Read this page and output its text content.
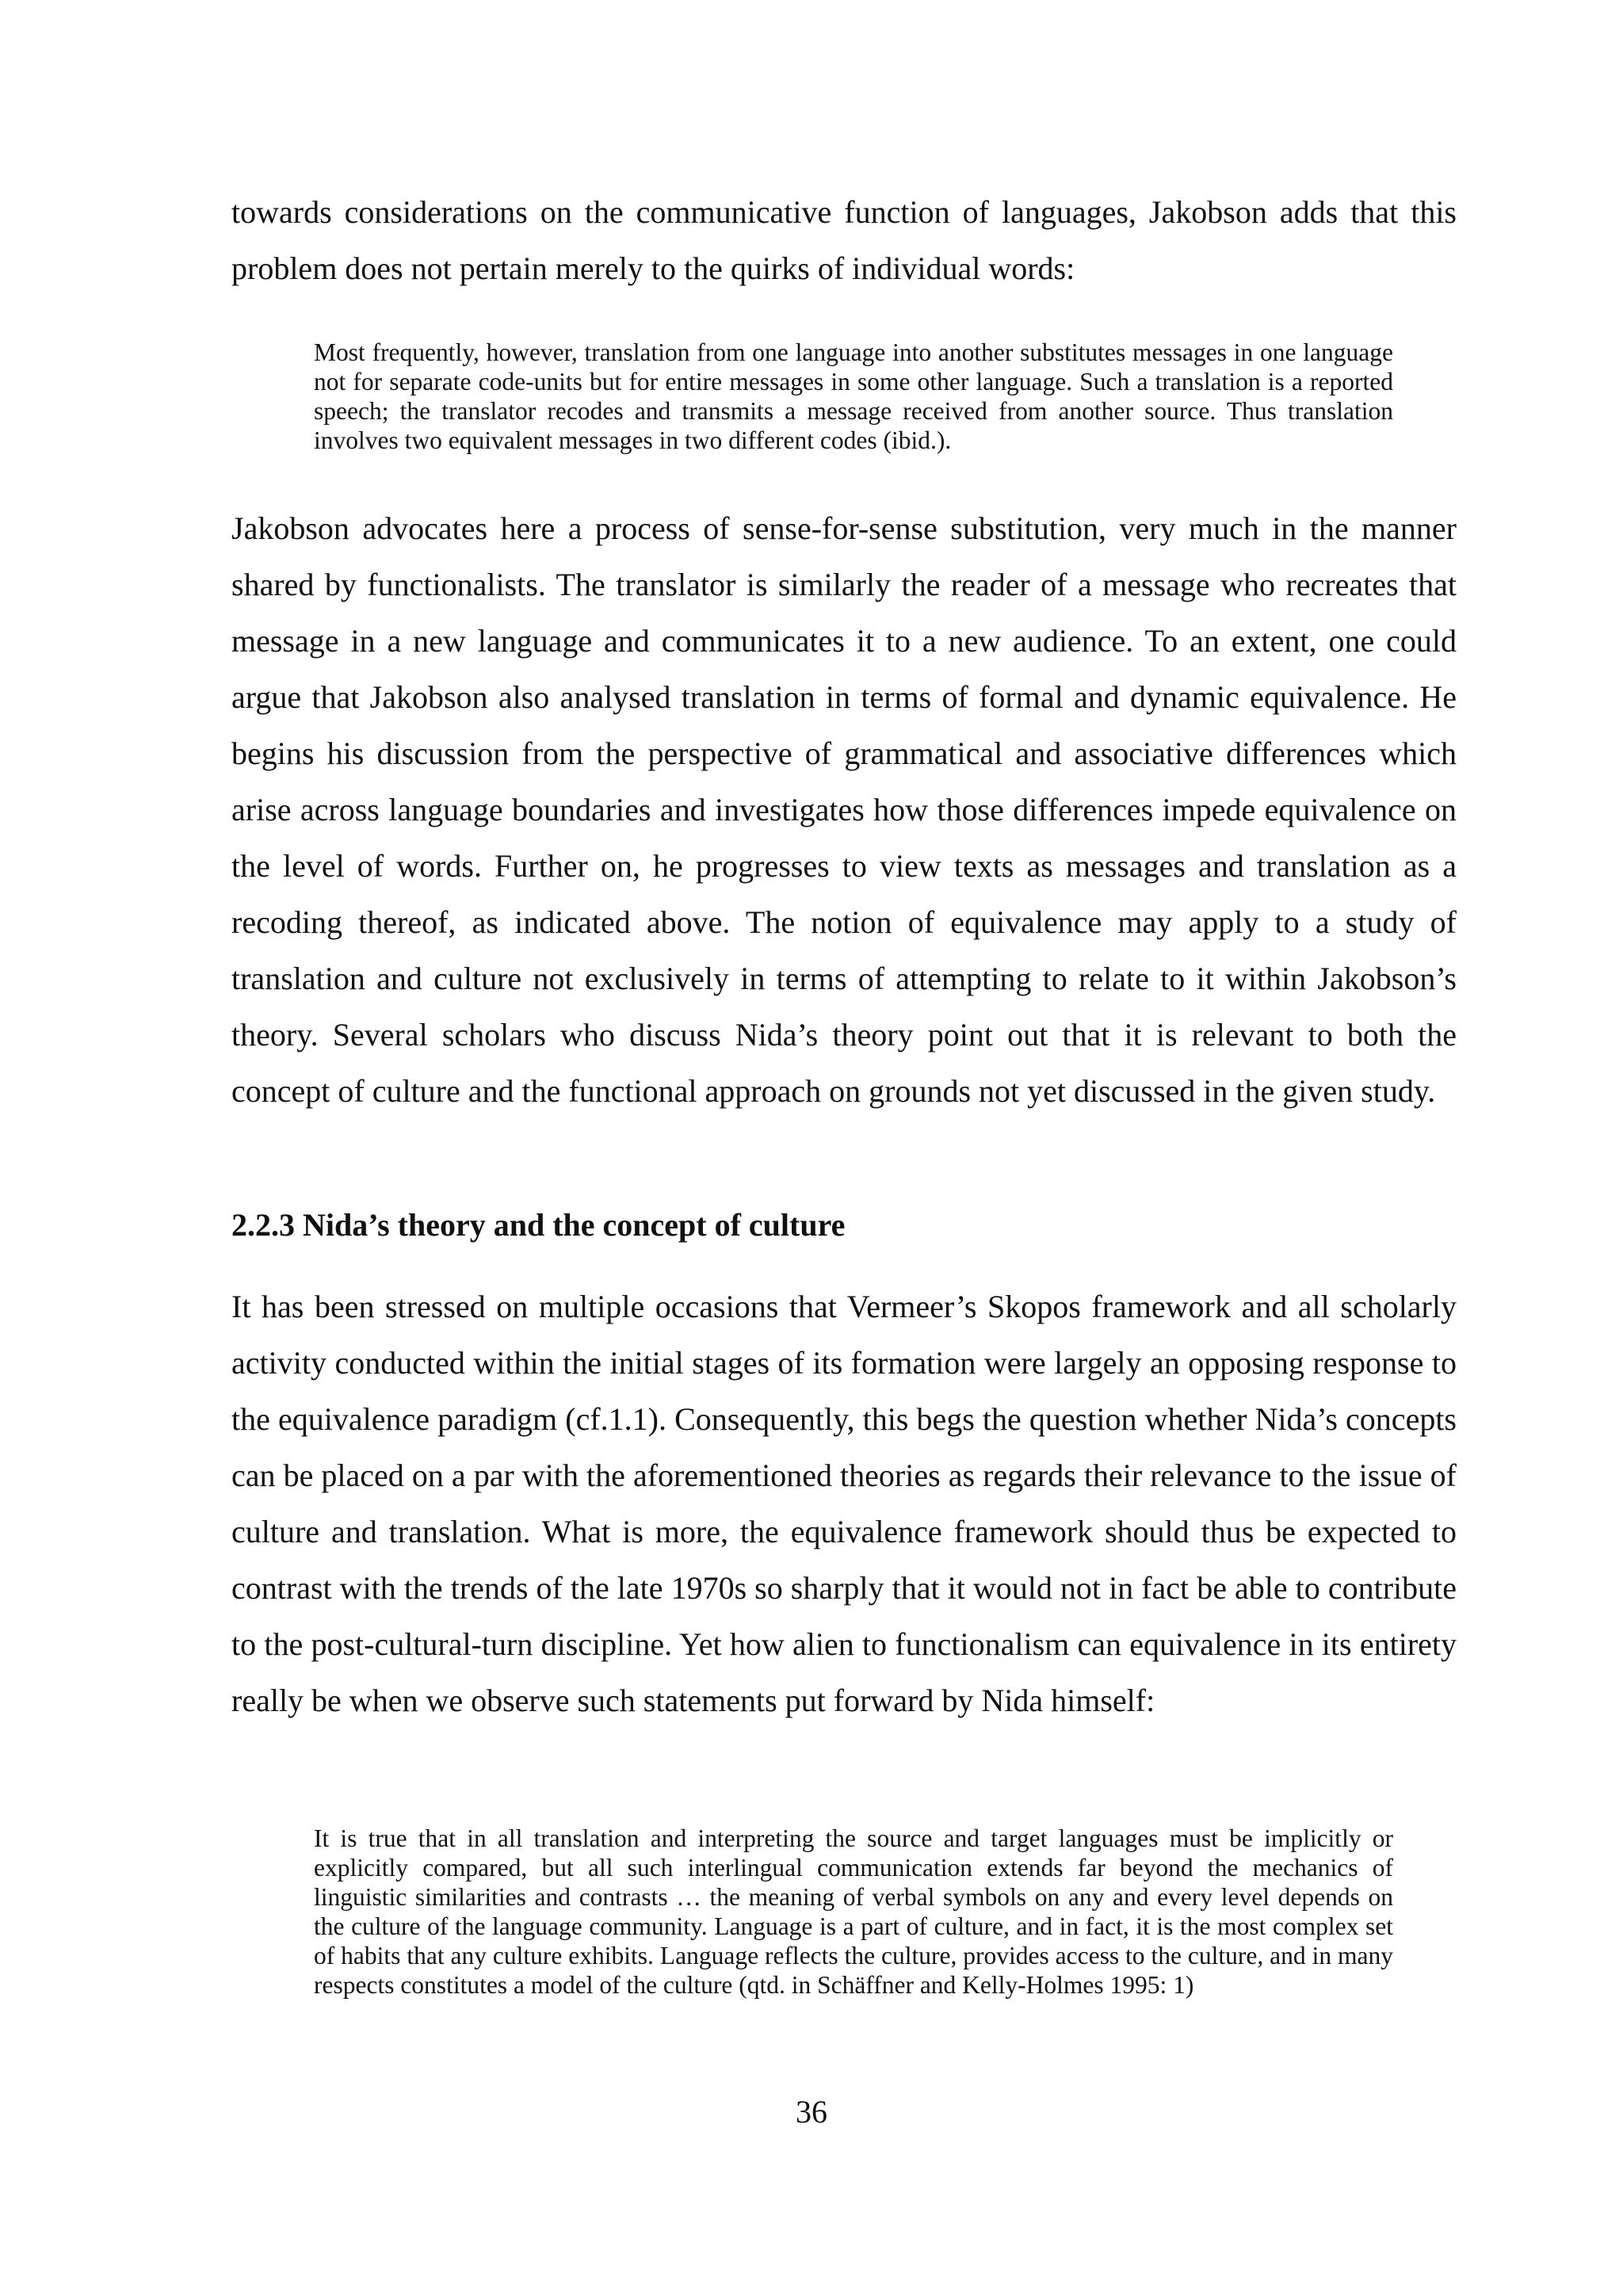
towards considerations on the communicative function of languages, Jakobson adds that this problem does not pertain merely to the quirks of individual words:

Most frequently, however, translation from one language into another substitutes messages in one language not for separate code-units but for entire messages in some other language. Such a translation is a reported speech; the translator recodes and transmits a message received from another source. Thus translation involves two equivalent messages in two different codes (ibid.).

Jakobson advocates here a process of sense-for-sense substitution, very much in the manner shared by functionalists. The translator is similarly the reader of a message who recreates that message in a new language and communicates it to a new audience. To an extent, one could argue that Jakobson also analysed translation in terms of formal and dynamic equivalence. He begins his discussion from the perspective of grammatical and associative differences which arise across language boundaries and investigates how those differences impede equivalence on the level of words. Further on, he progresses to view texts as messages and translation as a recoding thereof, as indicated above. The notion of equivalence may apply to a study of translation and culture not exclusively in terms of attempting to relate to it within Jakobson’s theory. Several scholars who discuss Nida’s theory point out that it is relevant to both the concept of culture and the functional approach on grounds not yet discussed in the given study.

2.2.3 Nida’s theory and the concept of culture

It has been stressed on multiple occasions that Vermeer’s Skopos framework and all scholarly activity conducted within the initial stages of its formation were largely an opposing response to the equivalence paradigm (cf.1.1). Consequently, this begs the question whether Nida’s concepts can be placed on a par with the aforementioned theories as regards their relevance to the issue of culture and translation. What is more, the equivalence framework should thus be expected to contrast with the trends of the late 1970s so sharply that it would not in fact be able to contribute to the post-cultural-turn discipline. Yet how alien to functionalism can equivalence in its entirety really be when we observe such statements put forward by Nida himself:

It is true that in all translation and interpreting the source and target languages must be implicitly or explicitly compared, but all such interlingual communication extends far beyond the mechanics of linguistic similarities and contrasts … the meaning of verbal symbols on any and every level depends on the culture of the language community. Language is a part of culture, and in fact, it is the most complex set of habits that any culture exhibits. Language reflects the culture, provides access to the culture, and in many respects constitutes a model of the culture (qtd. in Schäffner and Kelly-Holmes 1995: 1)

36
